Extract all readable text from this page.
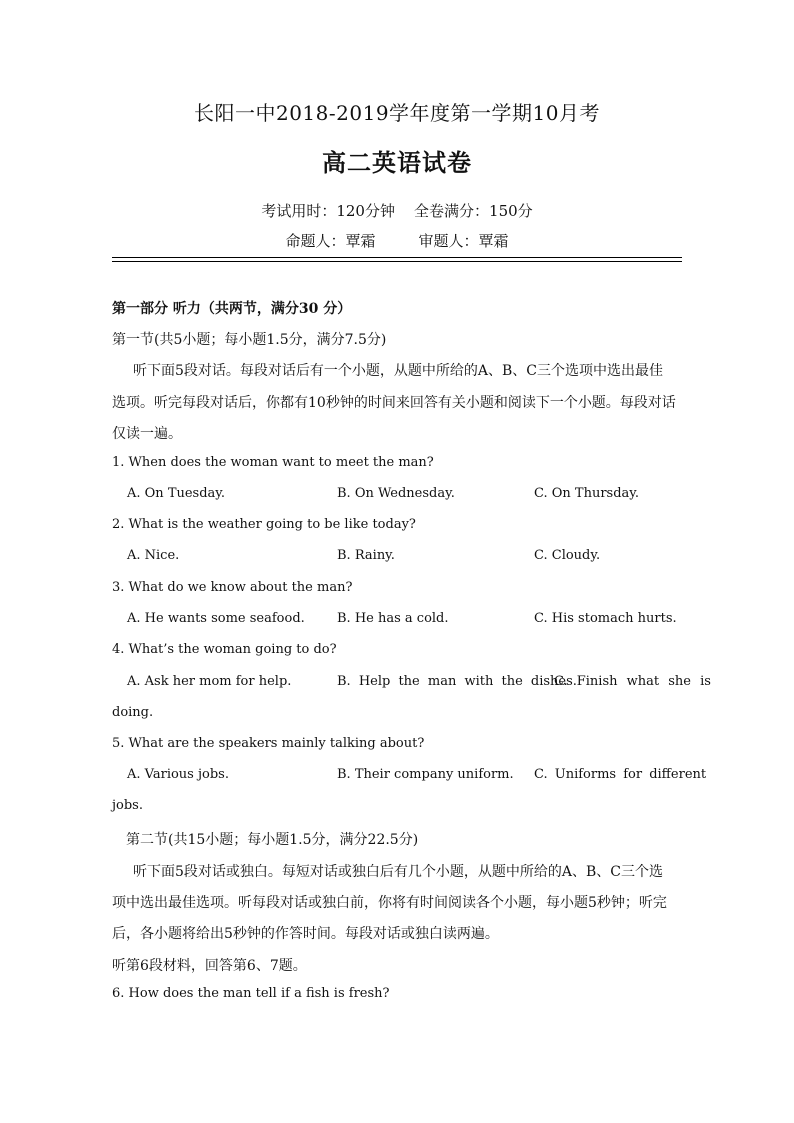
长阳一中2018-2019学年度第一学期10月考
高二英语试卷
考试用时：120分钟    全卷满分：150分
命题人：覃霜         审题人：覃霜
第一部分 听力（共两节，满分30 分）
第一节(共5小题；每小题1.5分，满分7.5分)
听下面5段对话。每段对话后有一个小题，从题中所给的A、B、C三个选项中选出最佳
选项。听完每段对话后，你都有10秒钟的时间来回答有关小题和阅读下一个小题。每段对话
仅读一遍。
1. When does the woman want to meet the man?
A. On Tuesday.	B. On Wednesday.	C. On Thursday.
2. What is the weather going to be like today?
A. Nice.	B. Rainy.	C. Cloudy.
3. What do we know about the man?
A. He wants some seafood. B. He has a cold.	C. His stomach hurts.
4. What’s the woman going to do?
A. Ask her mom for help.	B. Help the man with the dishes.
C. Finish what she is
doing.
5. What are the speakers mainly talking about?
A. Various jobs.	B. Their company uniform. C. Uniforms for different
jobs.
第二节(共15小题；每小题1.5分，满分22.5分)
听下面5段对话或独白。每短对话或独白后有几个小题，从题中所给的A、B、C三个选
项中选出最佳选项。听每段对话或独白前，你将有时间阅读各个小题，每小题5秒钟；听完
后，各小题将给出5秒钟的作答时间。每段对话或独白读两遍。
听第6段材料，回答第6、7题。
6. How does the man tell if a fish is fresh?
